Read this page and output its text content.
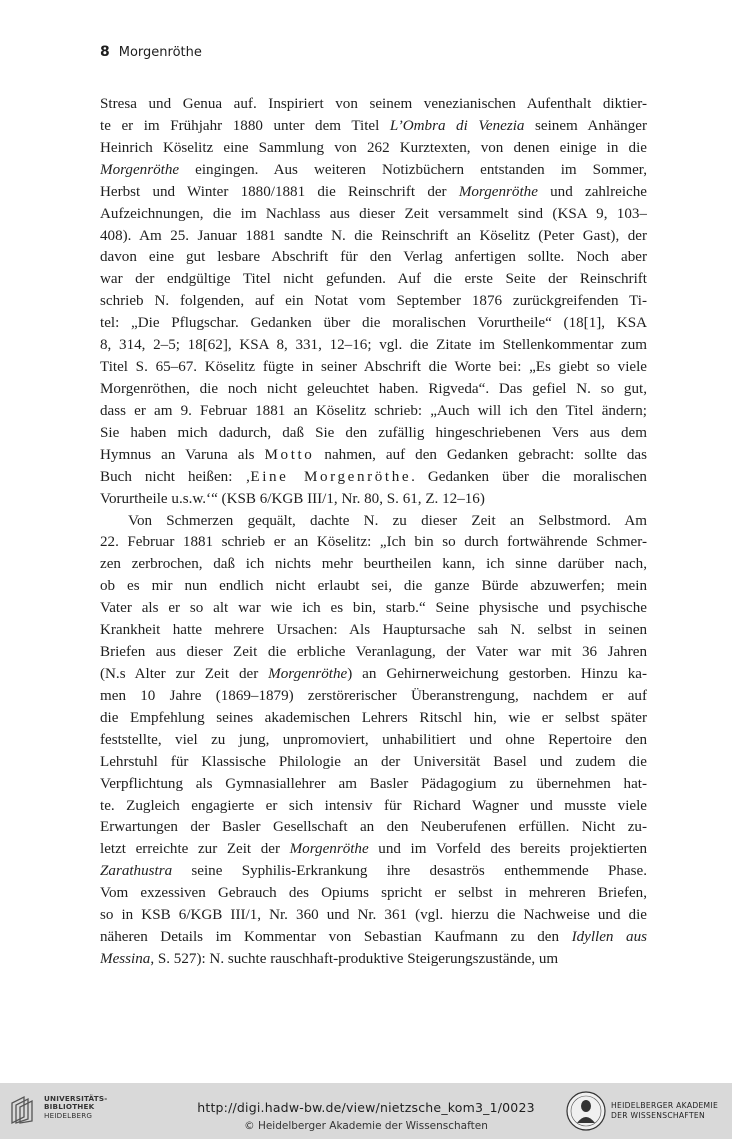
8 Morgenröthe
Stresa und Genua auf. Inspiriert von seinem venezianischen Aufenthalt diktier-
te er im Frühjahr 1880 unter dem Titel L’Ombra di Venezia seinem Anhänger
Heinrich Köselitz eine Sammlung von 262 Kurztexten, von denen einige in die
Morgenröthe eingingen. Aus weiteren Notizbüchern entstanden im Sommer,
Herbst und Winter 1880/1881 die Reinschrift der Morgenröthe und zahlreiche
Aufzeichnungen, die im Nachlass aus dieser Zeit versammelt sind (KSA 9, 103–
408). Am 25. Januar 1881 sandte N. die Reinschrift an Köselitz (Peter Gast), der
davon eine gut lesbare Abschrift für den Verlag anfertigen sollte. Noch aber
war der endgültige Titel nicht gefunden. Auf die erste Seite der Reinschrift
schrieb N. folgenden, auf ein Notat vom September 1876 zurückgreifenden Ti-
tel: „Die Pflugschar. Gedanken über die moralischen Vorurtheile“ (18[1], KSA
8, 314, 2–5; 18[62], KSA 8, 331, 12–16; vgl. die Zitate im Stellenkommentar zum
Titel S. 65–67. Köselitz fügte in seiner Abschrift die Worte bei: „Es giebt so viele
Morgenröthen, die noch nicht geleuchtet haben. Rigveda“. Das gefiel N. so gut,
dass er am 9. Februar 1881 an Köselitz schrieb: „Auch will ich den Titel ändern;
Sie haben mich dadurch, daß Sie den zufällig hingeschriebenen Vers aus dem
Hymnus an Varuna als Motto nahmen, auf den Gedanken gebracht: sollte das
Buch nicht heißen: ‚Eine Morgenröthe. Gedanken über die moralischen
Vorurtheile u.s.w.‘“ (KSB 6/KGB III/1, Nr. 80, S. 61, Z. 12–16)
Von Schmerzen gequält, dachte N. zu dieser Zeit an Selbstmord. Am
22. Februar 1881 schrieb er an Köselitz: „Ich bin so durch fortwährende Schmer-
zen zerbrochen, daß ich nichts mehr beurtheilen kann, ich sinne darüber nach,
ob es mir nun endlich nicht erlaubt sei, die ganze Bürde abzuwerfen; mein
Vater als er so alt war wie ich es bin, starb.“ Seine physische und psychische
Krankheit hatte mehrere Ursachen: Als Hauptursache sah N. selbst in seinen
Briefen aus dieser Zeit die erbliche Veranlagung, der Vater war mit 36 Jahren
(N.s Alter zur Zeit der Morgenröthe) an Gehirnerweichung gestorben. Hinzu ka-
men 10 Jahre (1869–1879) zerstörerischer Überanstrengung, nachdem er auf
die Empfehlung seines akademischen Lehrers Ritschl hin, wie er selbst später
feststellte, viel zu jung, unpromoviert, unhabilitiert und ohne Repertoire den
Lehrstuhl für Klassische Philologie an der Universität Basel und zudem die
Verpflichtung als Gymnasiallehrer am Basler Pädagogium zu übernehmen hat-
te. Zugleich engagierte er sich intensiv für Richard Wagner und musste viele
Erwartungen der Basler Gesellschaft an den Neuberufenen erfüllen. Nicht zu-
letzt erreichte zur Zeit der Morgenröthe und im Vorfeld des bereits projektierten
Zarathustra seine Syphilis-Erkrankung ihre desaströs enthemmende Phase.
Vom exzessiven Gebrauch des Opiums spricht er selbst in mehreren Briefen,
so in KSB 6/KGB III/1, Nr. 360 und Nr. 361 (vgl. hierzu die Nachweise und die
näheren Details im Kommentar von Sebastian Kaufmann zu den Idyllen aus
Messina, S. 527): N. suchte rauschhaft-produktive Steigerungszustände, um
UNIVERSITÄTS-
BIBLIOTHEK
HEIDELBERG
http://digi.hadw-bw.de/view/nietzsche_kom3_1/0023
© Heidelberger Akademie der Wissenschaften
HEIDELBERGER AKADEMIE
DER WISSENSCHAFTEN
